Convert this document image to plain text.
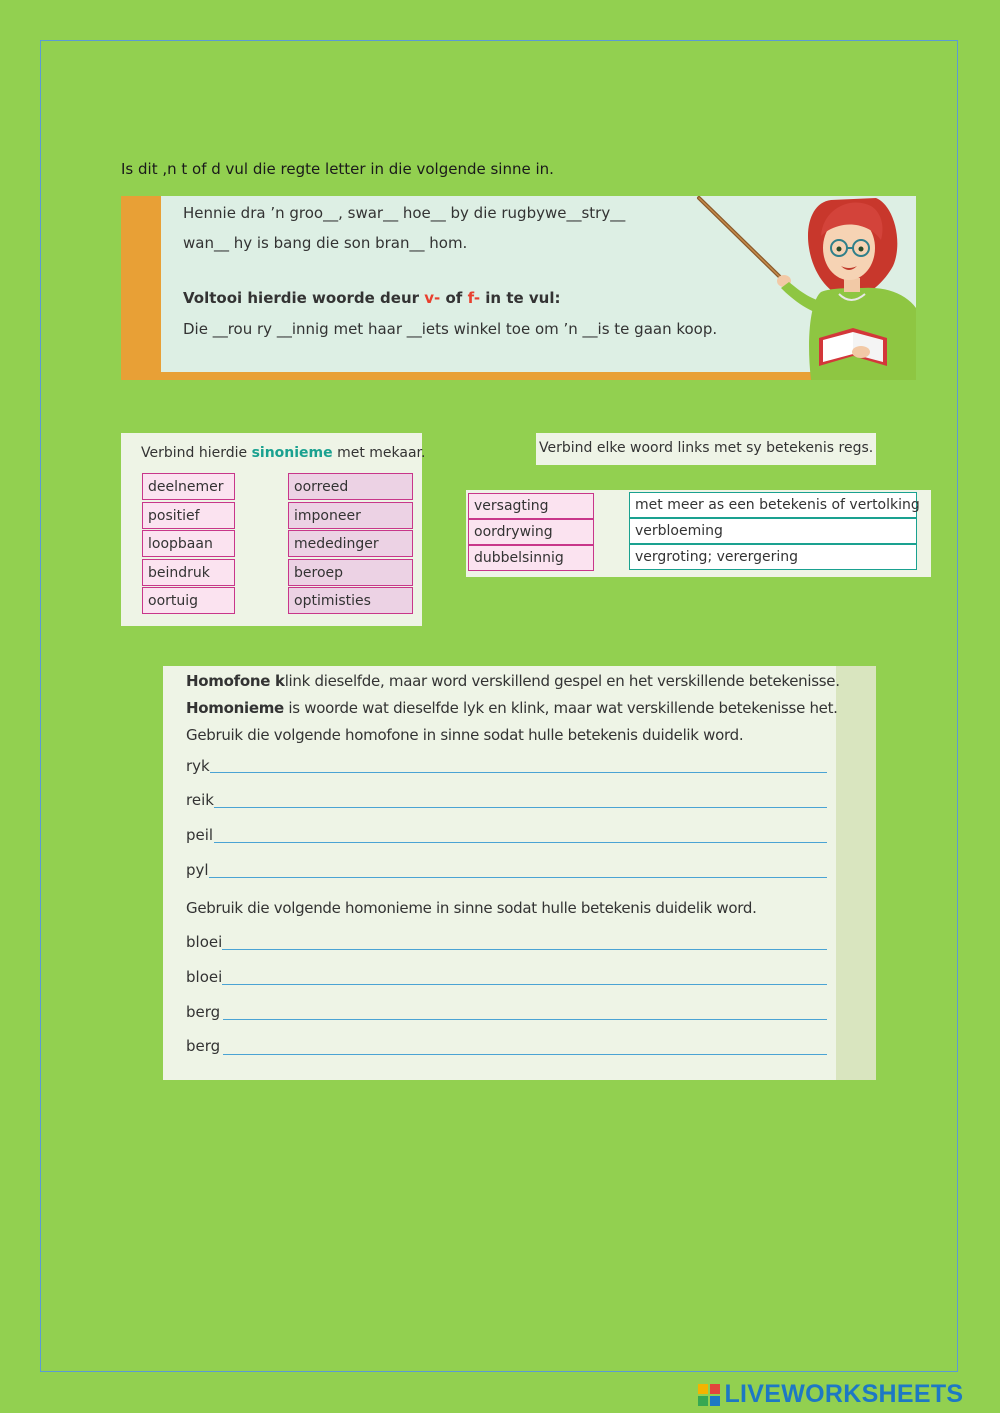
Is dit ,n t of d vul die regte letter in die volgende sinne in.
Hennie dra ’n groo__, swar__ hoe__ by die rugbywe__stry__
wan__ hy is bang die son bran__ hom.
Voltooi hierdie woorde deur v- of f- in te vul:
Die __rou ry __innig met haar __iets winkel toe om ’n __is te gaan koop.
Verbind hierdie sinonieme met mekaar.
deelnemer
positief
loopbaan
beindruk
oortuig
oorreed
imponeer
mededinger
beroep
optimisties
Verbind elke woord links met sy betekenis regs.
versagting
oordrywing
dubbelsinnig
met meer as een betekenis of vertolking
verbloeming
vergroting; verergering
Homofone klink dieselfde, maar word verskillend gespel en het verskillende betekenisse.
Homonieme is woorde wat dieselfde lyk en klink, maar wat verskillende betekenisse het.
Gebruik die volgende homofone in sinne sodat hulle betekenis duidelik word.
ryk
reik
peil
pyl
Gebruik die volgende homonieme in sinne sodat hulle betekenis duidelik word.
bloei
bloei
berg
berg
LIVEWORKSHEETS
